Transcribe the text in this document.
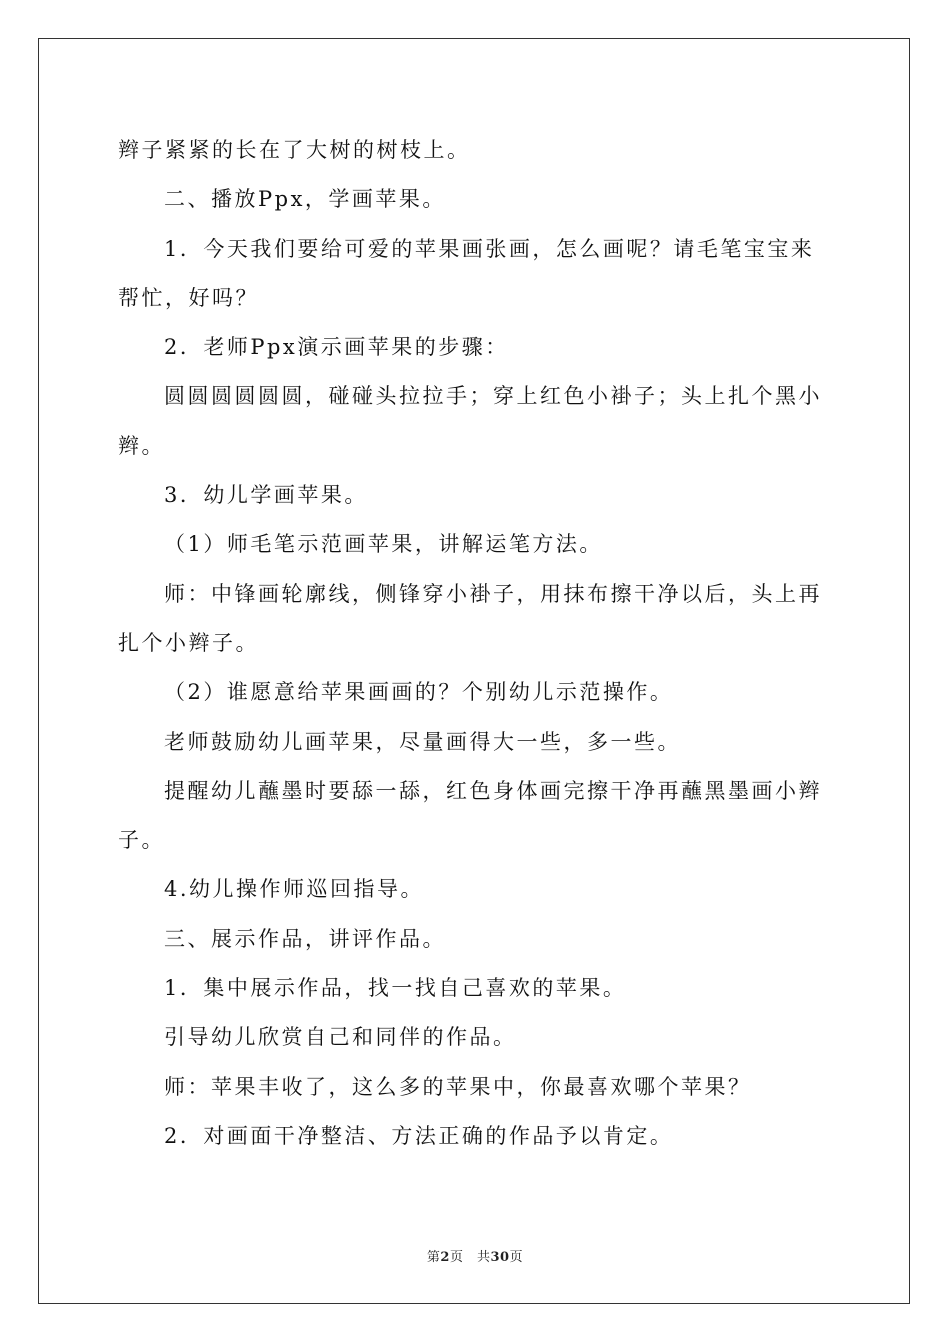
辫子紧紧的长在了大树的树枝上。
二、播放Ppx，学画苹果。
1．今天我们要给可爱的苹果画张画，怎么画呢？请毛笔宝宝来
帮忙，好吗？
2．老师Ppx演示画苹果的步骤：
圆圆圆圆圆圆，碰碰头拉拉手；穿上红色小褂子；头上扎个黑小
辫。
3．幼儿学画苹果。
（1）师毛笔示范画苹果，讲解运笔方法。
师：中锋画轮廓线，侧锋穿小褂子，用抹布擦干净以后，头上再
扎个小辫子。
（2）谁愿意给苹果画画的？个别幼儿示范操作。
老师鼓励幼儿画苹果，尽量画得大一些，多一些。
提醒幼儿蘸墨时要舔一舔，红色身体画完擦干净再蘸黑墨画小辫
子。
4.幼儿操作师巡回指导。
三、展示作品，讲评作品。
1．集中展示作品，找一找自己喜欢的苹果。
引导幼儿欣赏自己和同伴的作品。
师：苹果丰收了，这么多的苹果中，你最喜欢哪个苹果？
2．对画面干净整洁、方法正确的作品予以肯定。
第2页　共30页
